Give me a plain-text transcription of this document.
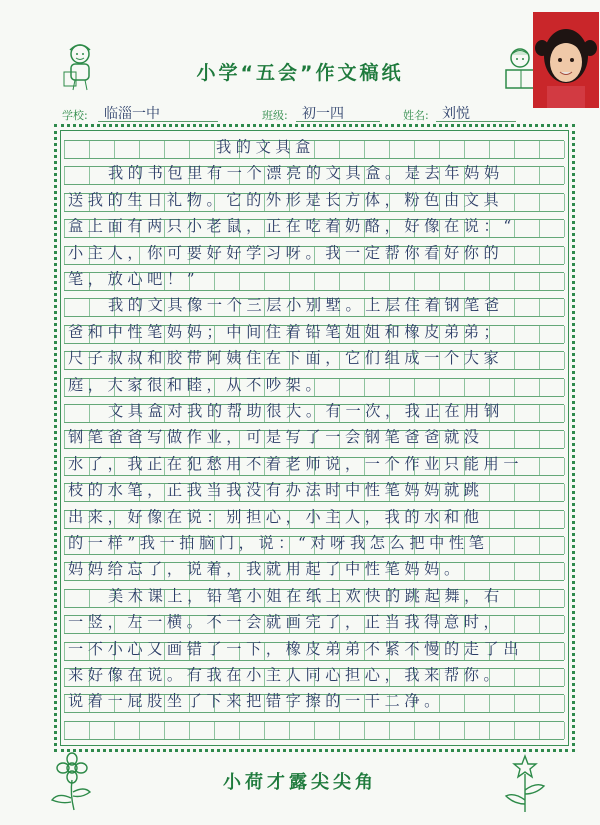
小学“五会”作文稿纸
学校: 临淄一中	班级: 初一四	姓名: 刘悦
我的文具盒
我的书包里有一个漂亮的文具盒。是去年妈妈
送我的生日礼物。它的外形是长方体，粉色由文具
盒上面有两只小老鼠，正在吃着奶酪，好像在说：“
小主人，你可要好好学习呀。我一定帮你看好你的
笔，放心吧！”
我的文具像一个三层小别墅。上层住着钢笔爸
爸和中性笔妈妈；中间住着铅笔姐姐和橡皮弟弟；
尺子叔叔和胶带阿姨住在下面，它们组成一个大家
庭，大家很和睦，从不吵架。
文具盒对我的帮助很大。有一次，我正在用钢
钢笔爸爸写做作业，可是写了一会钢笔爸爸就没
水了，我正在犯愁用不着老师说，一个作业只能用一
枝的水笔，正我当我没有办法时中性笔妈妈就跳
出来，好像在说：别担心，小主人，我的水和他
的一样”我一拍脑门，说：“对呀我怎么把中性笔
妈妈给忘了，说着，我就用起了中性笔妈妈。
美术课上，铅笔小姐在纸上欢快的跳起舞，右
一竖，左一横。不一会就画完了，正当我得意时，
一不小心又画错了一下，橡皮弟弟不紧不慢的走了出
来好像在说。有我在小主人同心担心，我来帮你。
说着一屁股坐了下来把错字擦的一干二净。
小荷才露尖尖角
